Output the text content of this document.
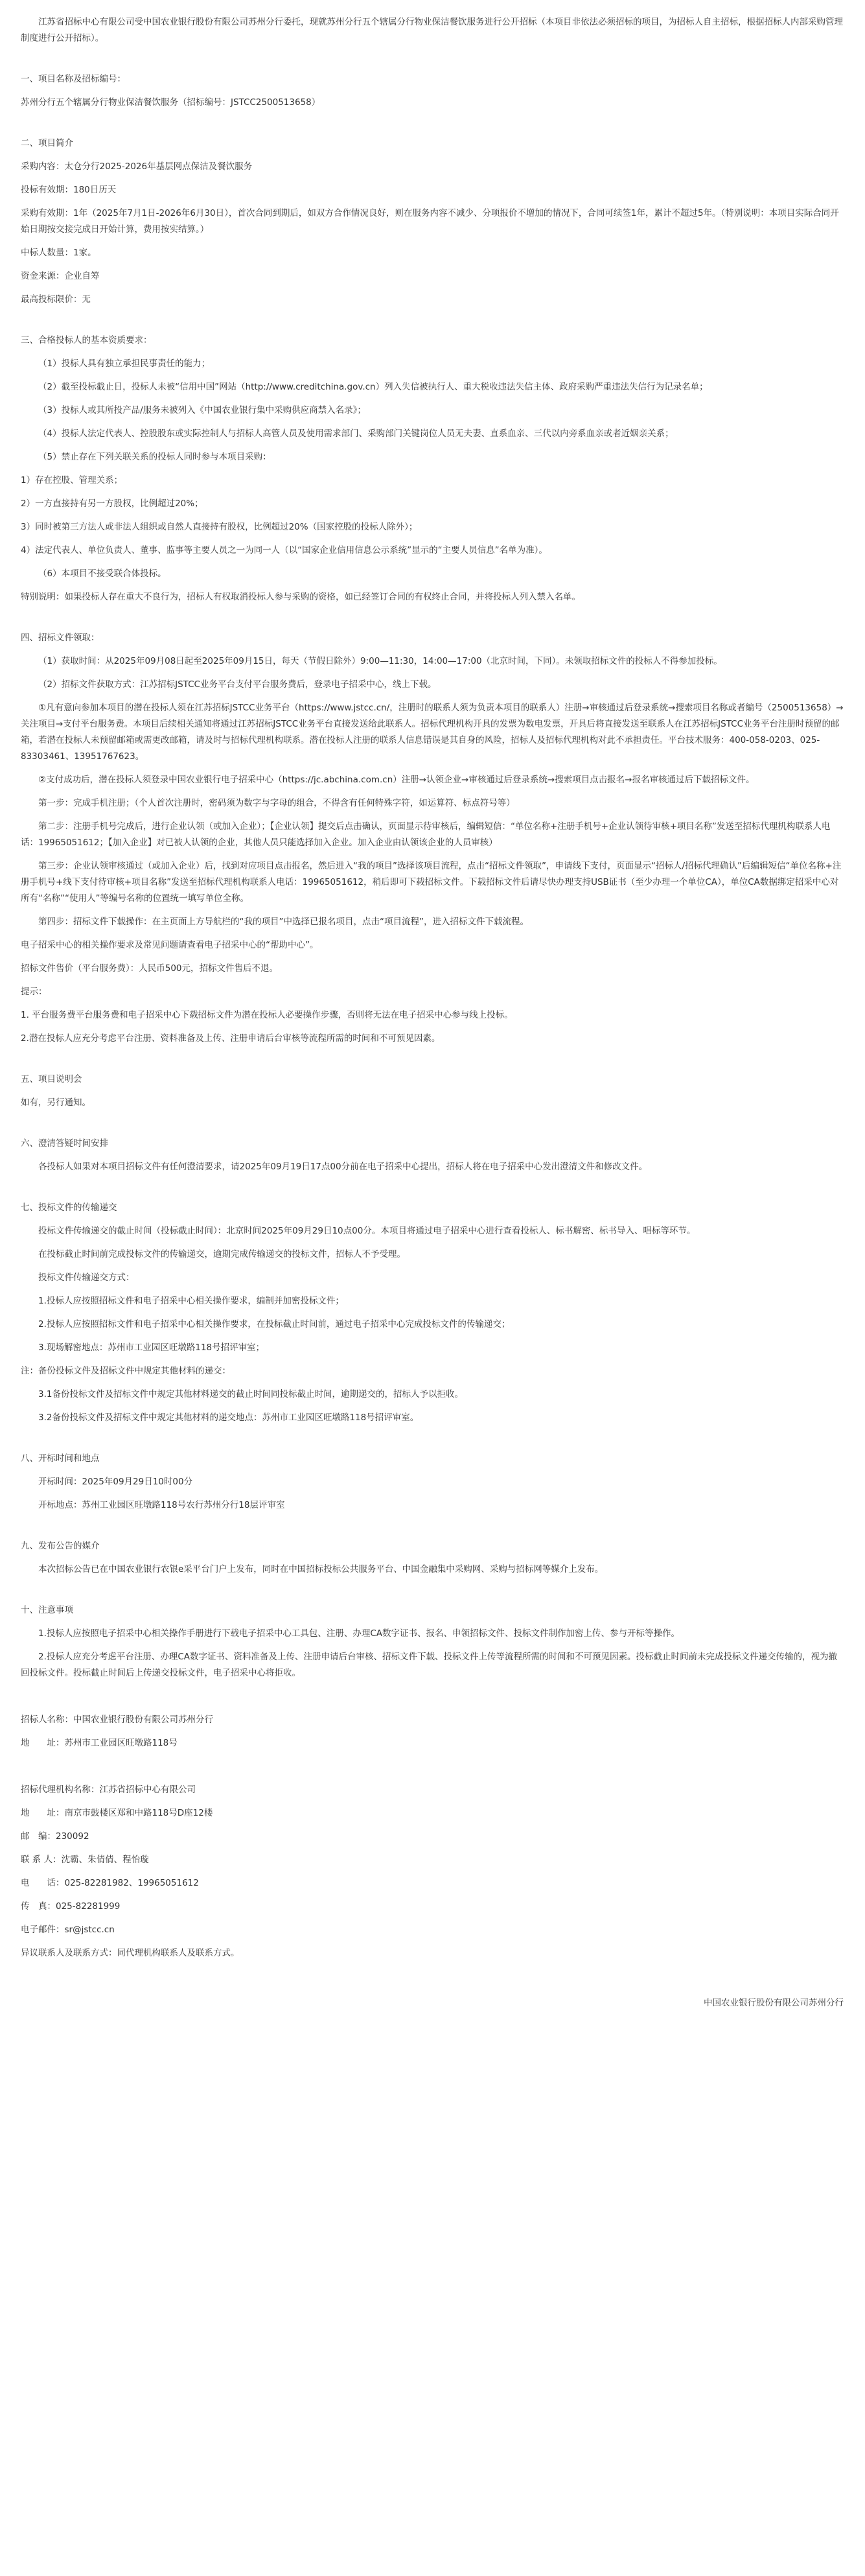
江苏省招标中心有限公司受中国农业银行股份有限公司苏州分行委托，现就苏州分行五个辖属分行物业保洁餐饮服务进行公开招标（本项目非依法必须招标的项目，为招标人自主招标，根据招标人内部采购管理制度进行公开招标）。

一、项目名称及招标编号：

苏州分行五个辖属分行物业保洁餐饮服务（招标编号：JSTCC2500513658）

二、项目简介

采购内容：太仓分行2025-2026年基层网点保洁及餐饮服务

投标有效期：180日历天

采购有效期：1年（2025年7月1日-2026年6月30日），首次合同到期后，如双方合作情况良好，则在服务内容不减少、分项报价不增加的情况下，合同可续签1年，累计不超过5年。（特别说明：本项目实际合同开始日期按交接完成日开始计算，费用按实结算。）

中标人数量：1家。

资金来源：企业自筹

最高投标限价：无

三、合格投标人的基本资质要求：

（1）投标人具有独立承担民事责任的能力；

（2）截至投标截止日，投标人未被“信用中国”网站（http://www.creditchina.gov.cn）列入失信被执行人、重大税收违法失信主体、政府采购严重违法失信行为记录名单；

（3）投标人或其所投产品/服务未被列入《中国农业银行集中采购供应商禁入名录》；

（4）投标人法定代表人、控股股东或实际控制人与招标人高管人员及使用需求部门、采购部门关键岗位人员无夫妻、直系血亲、三代以内旁系血亲或者近姻亲关系；

（5）禁止存在下列关联关系的投标人同时参与本项目采购：

1）存在控股、管理关系；

2）一方直接持有另一方股权，比例超过20%；

3）同时被第三方法人或非法人组织或自然人直接持有股权，比例超过20%（国家控股的投标人除外）；

4）法定代表人、单位负责人、董事、监事等主要人员之一为同一人（以“国家企业信用信息公示系统”显示的“主要人员信息”名单为准）。

（6）本项目不接受联合体投标。

特别说明：如果投标人存在重大不良行为，招标人有权取消投标人参与采购的资格，如已经签订合同的有权终止合同，并将投标人列入禁入名单。

四、招标文件领取：

（1）获取时间：从2025年09月08日起至2025年09月15日，每天（节假日除外）9:00—11:30，14:00—17:00（北京时间，下同）。未领取招标文件的投标人不得参加投标。

（2）招标文件获取方式：江苏招标JSTCC业务平台支付平台服务费后，登录电子招采中心，线上下载。

①凡有意向参加本项目的潜在投标人须在江苏招标JSTCC业务平台（https://www.jstcc.cn/，注册时的联系人须为负责本项目的联系人）注册→审核通过后登录系统→搜索项目名称或者编号（2500513658）→关注项目→支付平台服务费。本项目后续相关通知将通过江苏招标JSTCC业务平台直接发送给此联系人。招标代理机构开具的发票为数电发票，开具后将直接发送至联系人在江苏招标JSTCC业务平台注册时预留的邮箱，若潜在投标人未预留邮箱或需更改邮箱，请及时与招标代理机构联系。潜在投标人注册的联系人信息错误是其自身的风险，招标人及招标代理机构对此不承担责任。平台技术服务：400-058-0203、025-83303461、13951767623。

②支付成功后，潜在投标人须登录中国农业银行电子招采中心（https://jc.abchina.com.cn）注册→认领企业→审核通过后登录系统→搜索项目点击报名→报名审核通过后下载招标文件。

第一步：完成手机注册；（个人首次注册时，密码须为数字与字母的组合，不得含有任何特殊字符，如运算符、标点符号等）

第二步：注册手机号完成后，进行企业认领（或加入企业）；【企业认领】提交后点击确认，页面显示待审核后，编辑短信：“单位名称+注册手机号+企业认领待审核+项目名称”发送至招标代理机构联系人电话：19965051612；【加入企业】对已被人认领的企业，其他人员只能选择加入企业。加入企业由认领该企业的人员审核）

第三步：企业认领审核通过（或加入企业）后，找到对应项目点击报名，然后进入“我的项目”选择该项目流程，点击“招标文件领取”，申请线下支付，页面显示“招标人/招标代理确认”后编辑短信“单位名称+注册手机号+线下支付待审核+项目名称”发送至招标代理机构联系人电话：19965051612，稍后即可下载招标文件。下载招标文件后请尽快办理支持USB证书（至少办理一个单位CA），单位CA数据绑定招采中心对所有“名称”“使用人”等编号名称的位置统一填写单位全称。

第四步：招标文件下载操作：在主页面上方导航栏的“我的项目”中选择已报名项目，点击“项目流程”，进入招标文件下载流程。

电子招采中心的相关操作要求及常见问题请查看电子招采中心的“帮助中心”。

招标文件售价（平台服务费）：人民币500元，招标文件售后不退。

提示：

1. 平台服务费平台服务费和电子招采中心下载招标文件为潜在投标人必要操作步骤，否则将无法在电子招采中心参与线上投标。

2.潜在投标人应充分考虑平台注册、资料准备及上传、注册申请后台审核等流程所需的时间和不可预见因素。

五、项目说明会

如有，另行通知。

六、澄清答疑时间安排

各投标人如果对本项目招标文件有任何澄清要求，请2025年09月19日17点00分前在电子招采中心提出，招标人将在电子招采中心发出澄清文件和修改文件。

七、投标文件的传输递交

投标文件传输递交的截止时间（投标截止时间）：北京时间2025年09月29日10点00分。本项目将通过电子招采中心进行查看投标人、标书解密、标书导入、唱标等环节。

在投标截止时间前完成投标文件的传输递交，逾期完成传输递交的投标文件，招标人不予受理。

投标文件传输递交方式：

1.投标人应按照招标文件和电子招采中心相关操作要求，编制并加密投标文件；

2.投标人应按照招标文件和电子招采中心相关操作要求，在投标截止时间前，通过电子招采中心完成投标文件的传输递交；

3.现场解密地点：苏州市工业园区旺墩路118号招评审室；

注：备份投标文件及招标文件中规定其他材料的递交：

3.1备份投标文件及招标文件中规定其他材料递交的截止时间同投标截止时间，逾期递交的，招标人予以拒收。

3.2备份投标文件及招标文件中规定其他材料的递交地点：苏州市工业园区旺墩路118号招评审室。

八、开标时间和地点

开标时间：2025年09月29日10时00分

开标地点：苏州工业园区旺墩路118号农行苏州分行18层评审室

九、发布公告的媒介

本次招标公告已在中国农业银行农银e采平台门户上发布，同时在中国招标投标公共服务平台、中国金融集中采购网、采购与招标网等媒介上发布。

十、注意事项

1.投标人应按照电子招采中心相关操作手册进行下载电子招采中心工具包、注册、办理CA数字证书、报名、申领招标文件、投标文件制作加密上传、参与开标等操作。

2.投标人应充分考虑平台注册、办理CA数字证书、资料准备及上传、注册申请后台审核、招标文件下载、投标文件上传等流程所需的时间和不可预见因素。投标截止时间前未完成投标文件递交传输的，视为撤回投标文件。投标截止时间后上传递交投标文件，电子招采中心将拒收。

招标人名称：中国农业银行股份有限公司苏州分行

地　　址：苏州市工业园区旺墩路118号

招标代理机构名称：江苏省招标中心有限公司

地　　址：南京市鼓楼区郑和中路118号D座12楼

邮　编：230092

联 系 人：沈霸、朱倩倩、程怡璇

电　　话：025-82281982、19965051612

传　真：025-82281999

电子邮件：sr@jstcc.cn

异议联系人及联系方式：同代理机构联系人及联系方式。

中国农业银行股份有限公司苏州分行
